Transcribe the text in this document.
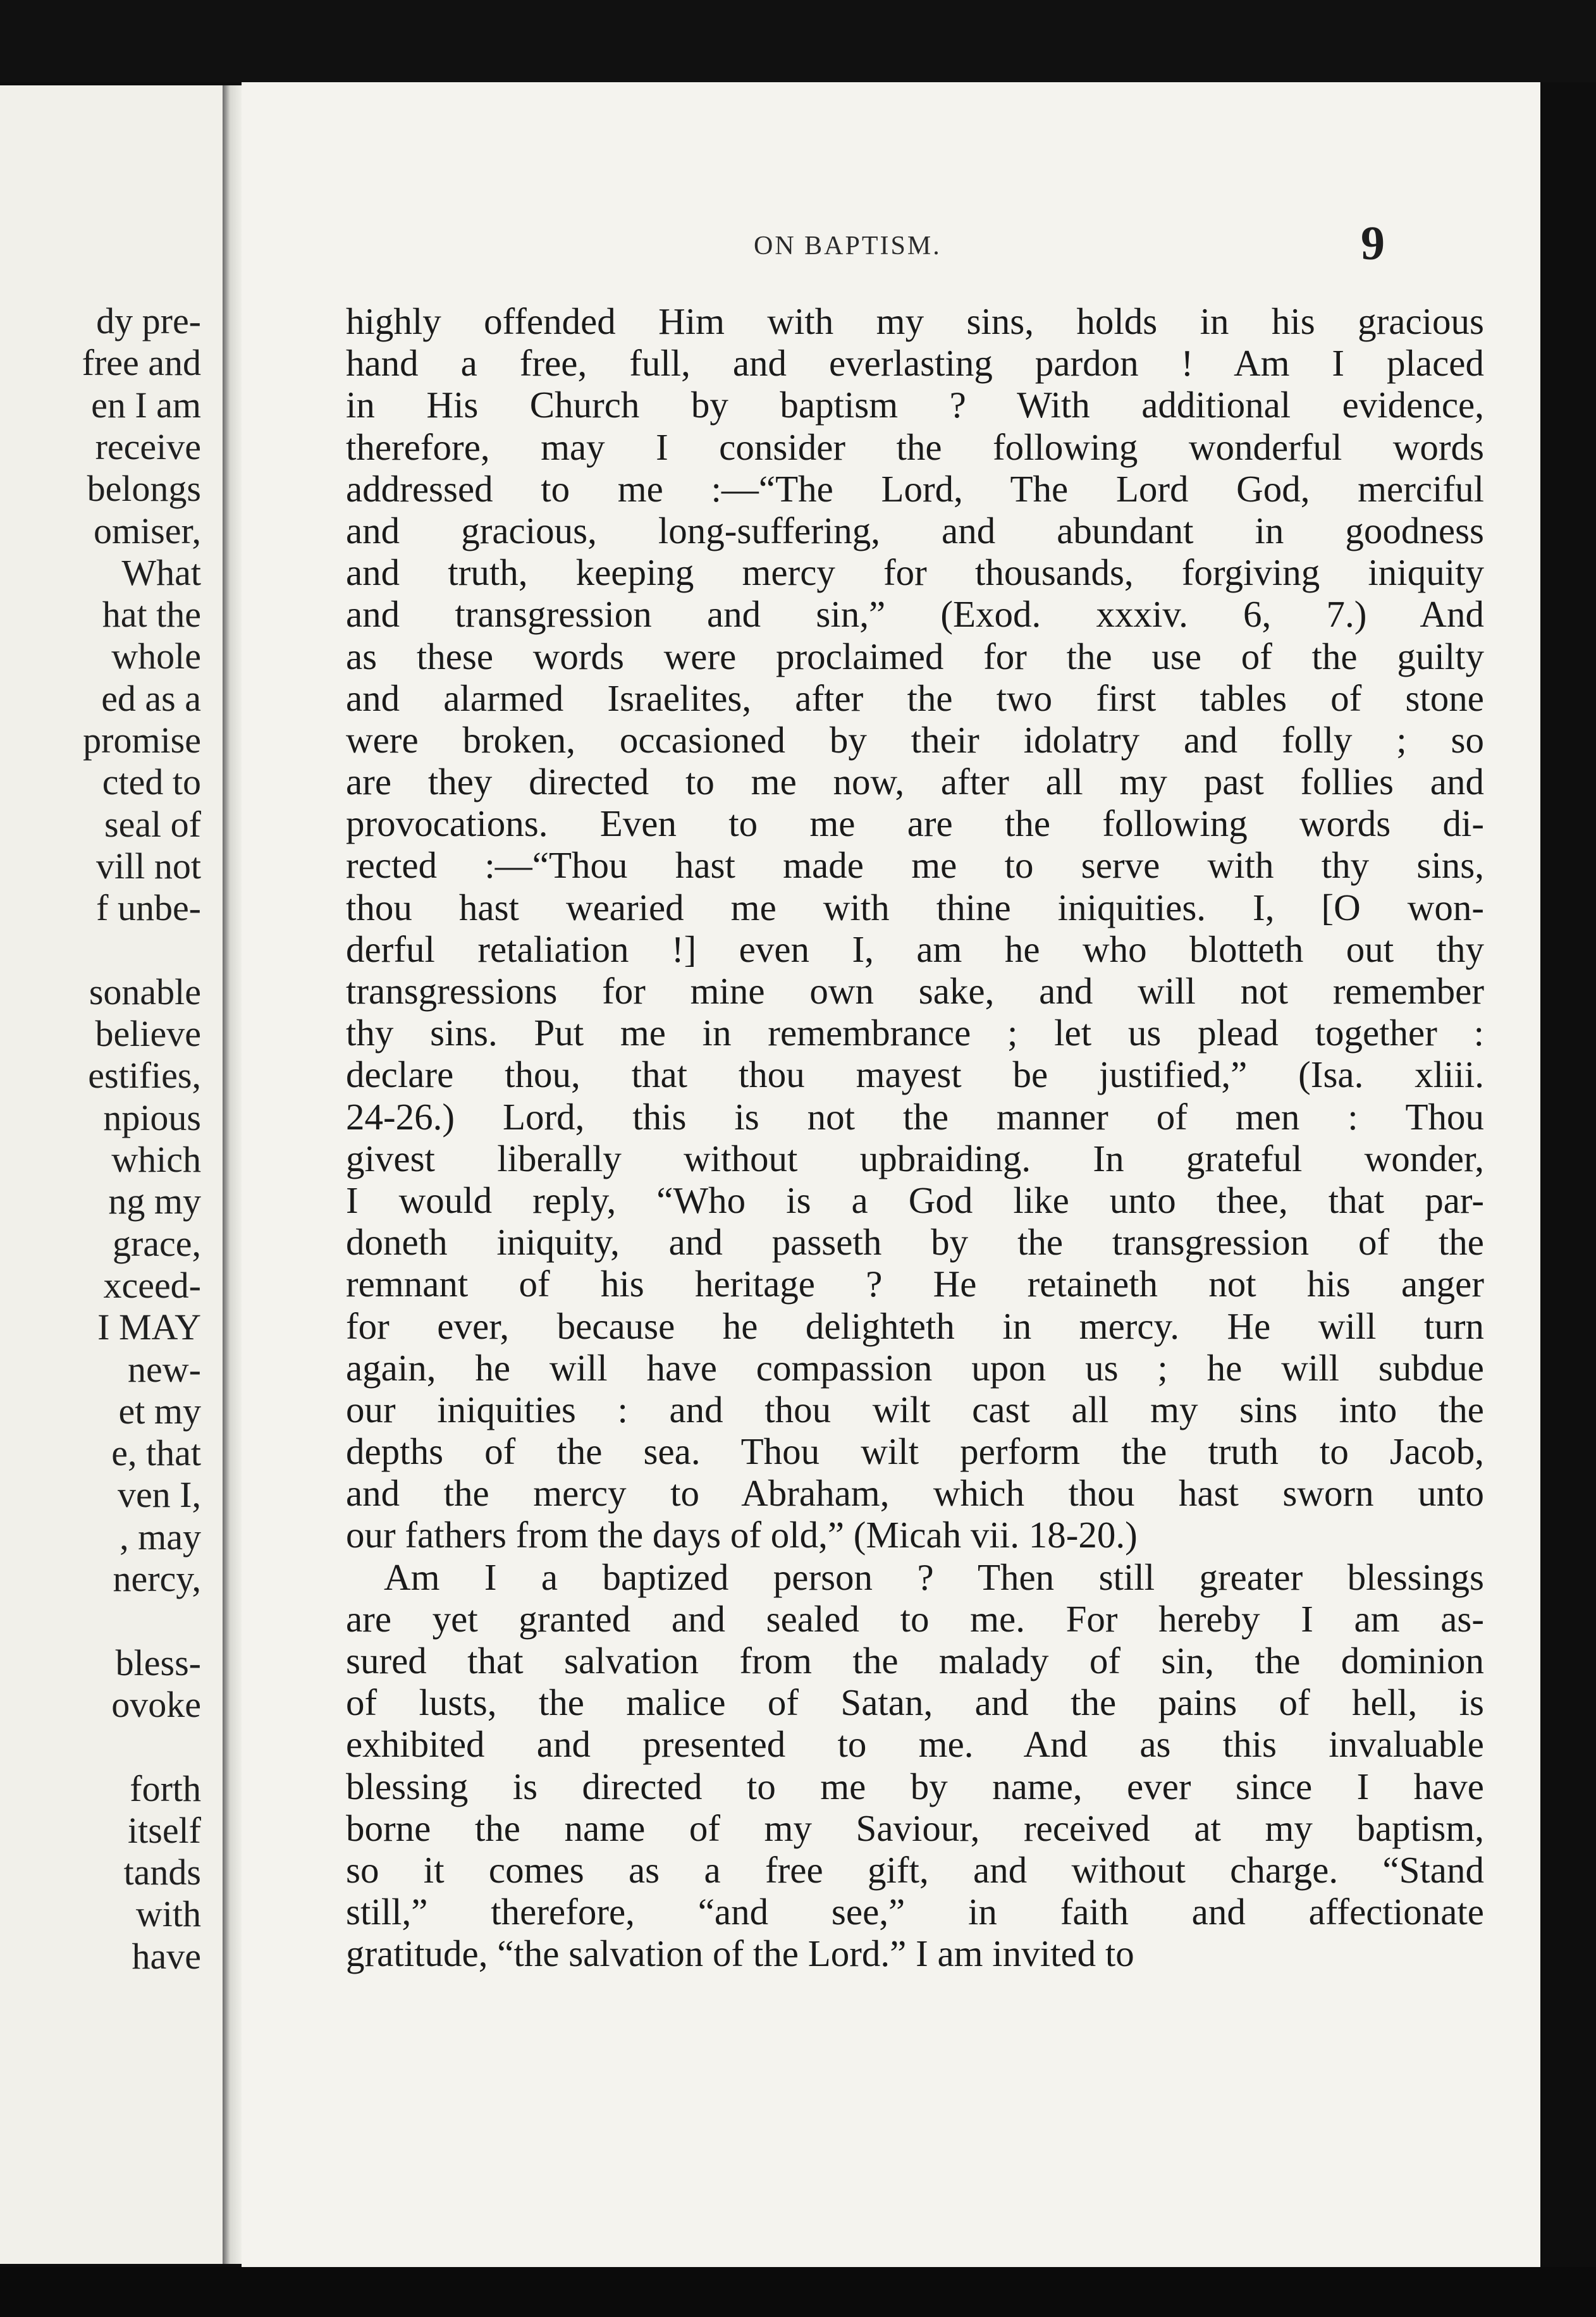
dy pre-
free and
en I am
receive
belongs
omiser,
What
hat the
whole
ed as a
promise
cted to
seal of
vill not
f unbe-
sonable
believe
estifies,
npious
which
ng my
grace,
xceed-
I MAY
new-
et my
e, that
ven I,
, may
nercy,
bless-
ovoke
forth
itself
tands
with
have
ON BAPTISM.	9
highly offended Him with my sins, holds in his gracious
hand a free, full, and everlasting pardon ! Am I placed
in His Church by baptism ? With additional evidence,
therefore, may I consider the following wonderful words
addressed to me :—“The Lord, The Lord God, merciful
and gracious, long-suffering, and abundant in goodness
and truth, keeping mercy for thousands, forgiving iniquity
and transgression and sin,” (Exod. xxxiv. 6, 7.) And
as these words were proclaimed for the use of the guilty
and alarmed Israelites, after the two first tables of stone
were broken, occasioned by their idolatry and folly ; so
are they directed to me now, after all my past follies and
provocations. Even to me are the following words di-
rected :—“Thou hast made me to serve with thy sins,
thou hast wearied me with thine iniquities. I, [O won-
derful retaliation !] even I, am he who blotteth out thy
transgressions for mine own sake, and will not remember
thy sins. Put me in remembrance ; let us plead together :
declare thou, that thou mayest be justified,” (Isa. xliii.
24-26.) Lord, this is not the manner of men : Thou
givest liberally without upbraiding. In grateful wonder,
I would reply, “Who is a God like unto thee, that par-
doneth iniquity, and passeth by the transgression of the
remnant of his heritage ? He retaineth not his anger
for ever, because he delighteth in mercy. He will turn
again, he will have compassion upon us ; he will subdue
our iniquities : and thou wilt cast all my sins into the
depths of the sea. Thou wilt perform the truth to Jacob,
and the mercy to Abraham, which thou hast sworn unto
our fathers from the days of old,” (Micah vii. 18-20.)
Am I a baptized person ? Then still greater blessings
are yet granted and sealed to me. For hereby I am as-
sured that salvation from the malady of sin, the dominion
of lusts, the malice of Satan, and the pains of hell, is
exhibited and presented to me. And as this invaluable
blessing is directed to me by name, ever since I have
borne the name of my Saviour, received at my baptism,
so it comes as a free gift, and without charge. “Stand
still,” therefore, “and see,” in faith and affectionate
gratitude, “the salvation of the Lord.” I am invited to
